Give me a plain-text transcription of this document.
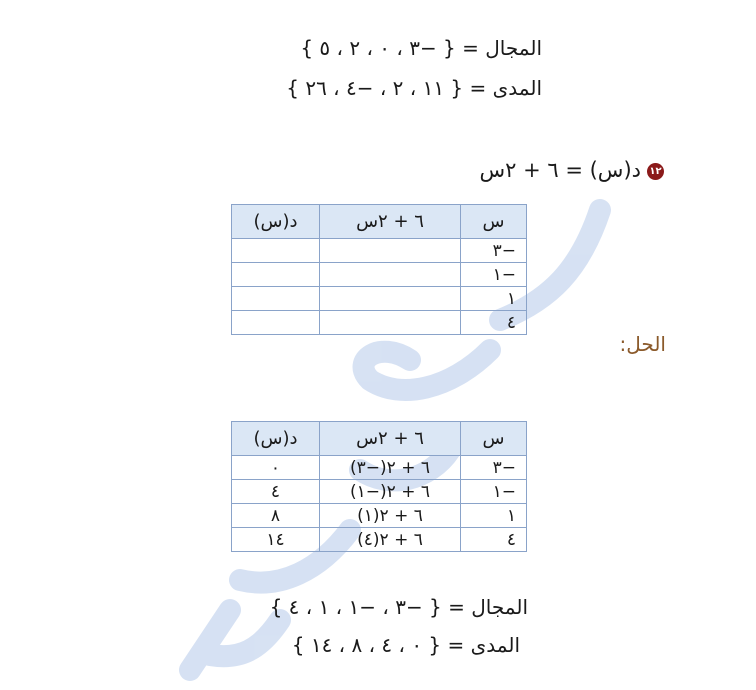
المجال = { −٣ ، ٠ ، ٢ ، ٥ }
المدى = { ١١ ، ٢ ، −٤ ، ٢٦ }
١٢د(س) = ٦ + ٢س
س	٦ + ٢س	د(س)
−٣		
−١		
١		
٤		
الحل:
س	٦ + ٢س	د(س)
−٣	٦ + ٢(−٣)	٠
−١	٦ + ٢(−١)	٤
١	٦ + ٢(١)	٨
٤	٦ + ٢(٤)	١٤
المجال = { −٣ ، −١ ، ١ ، ٤ }
المدى = { ٠ ، ٤ ، ٨ ، ١٤ }
